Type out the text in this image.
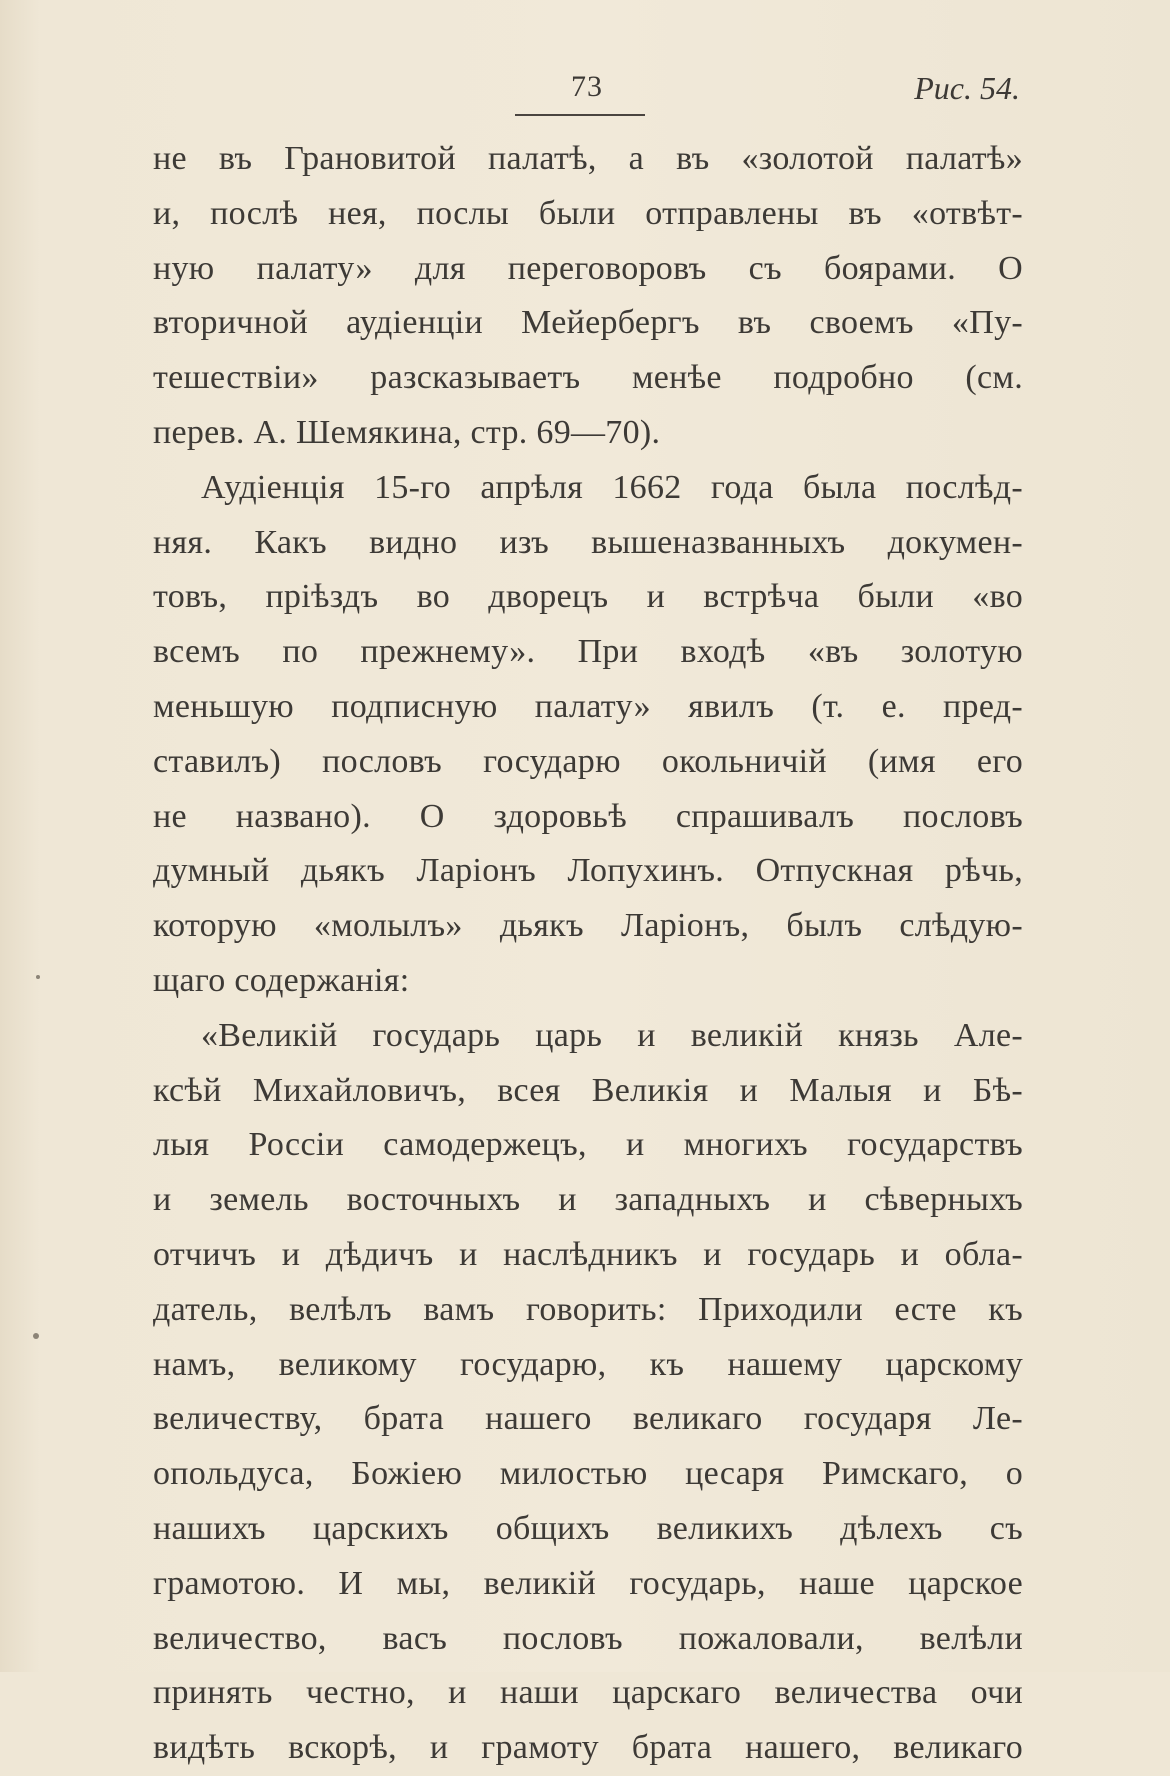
73	Рис. 54.
не въ Грановитой палатѣ, а въ «золотой палатѣ»
и, послѣ нея, послы были отправлены въ «отвѣт-
ную палату» для переговоровъ съ боярами. О
вторичной аудіенціи Мейербергъ въ своемъ «Пу-
тешествіи» разсказываетъ менѣе подробно (см.
перев. А. Шемякина, стр. 69—70).
Аудіенція 15-го апрѣля 1662 года была послѣд-
няя. Какъ видно изъ вышеназванныхъ докумен-
товъ, пріѣздъ во дворецъ и встрѣча были «во
всемъ по прежнему». При входѣ «въ золотую
меньшую подписную палату» явилъ (т. е. пред-
ставилъ) пословъ государю окольничій (имя его
не названо). О здоровьѣ спрашивалъ пословъ
думный дьякъ Ларіонъ Лопухинъ. Отпускная рѣчь,
которую «молылъ» дьякъ Ларіонъ, былъ слѣдую-
щаго содержанія:
«Великій государь царь и великій князь Але-
ксѣй Михайловичъ, всея Великія и Малыя и Бѣ-
лыя Россіи самодержецъ, и многихъ государствъ
и земель восточныхъ и западныхъ и сѣверныхъ
отчичъ и дѣдичъ и наслѣдникъ и государь и обла-
датель, велѣлъ вамъ говорить: Приходили есте къ
намъ, великому государю, къ нашему царскому
величеству, брата нашего великаго государя Ле-
опольдуса, Божіею милостью цесаря Римскаго, о
нашихъ царскихъ общихъ великихъ дѣлехъ съ
грамотою. И мы, великій государь, наше царское
величество, васъ пословъ пожаловали, велѣли
принять честно, и наши царскаго величества очи
видѣть вскорѣ, и грамоту брата нашего, великаго
